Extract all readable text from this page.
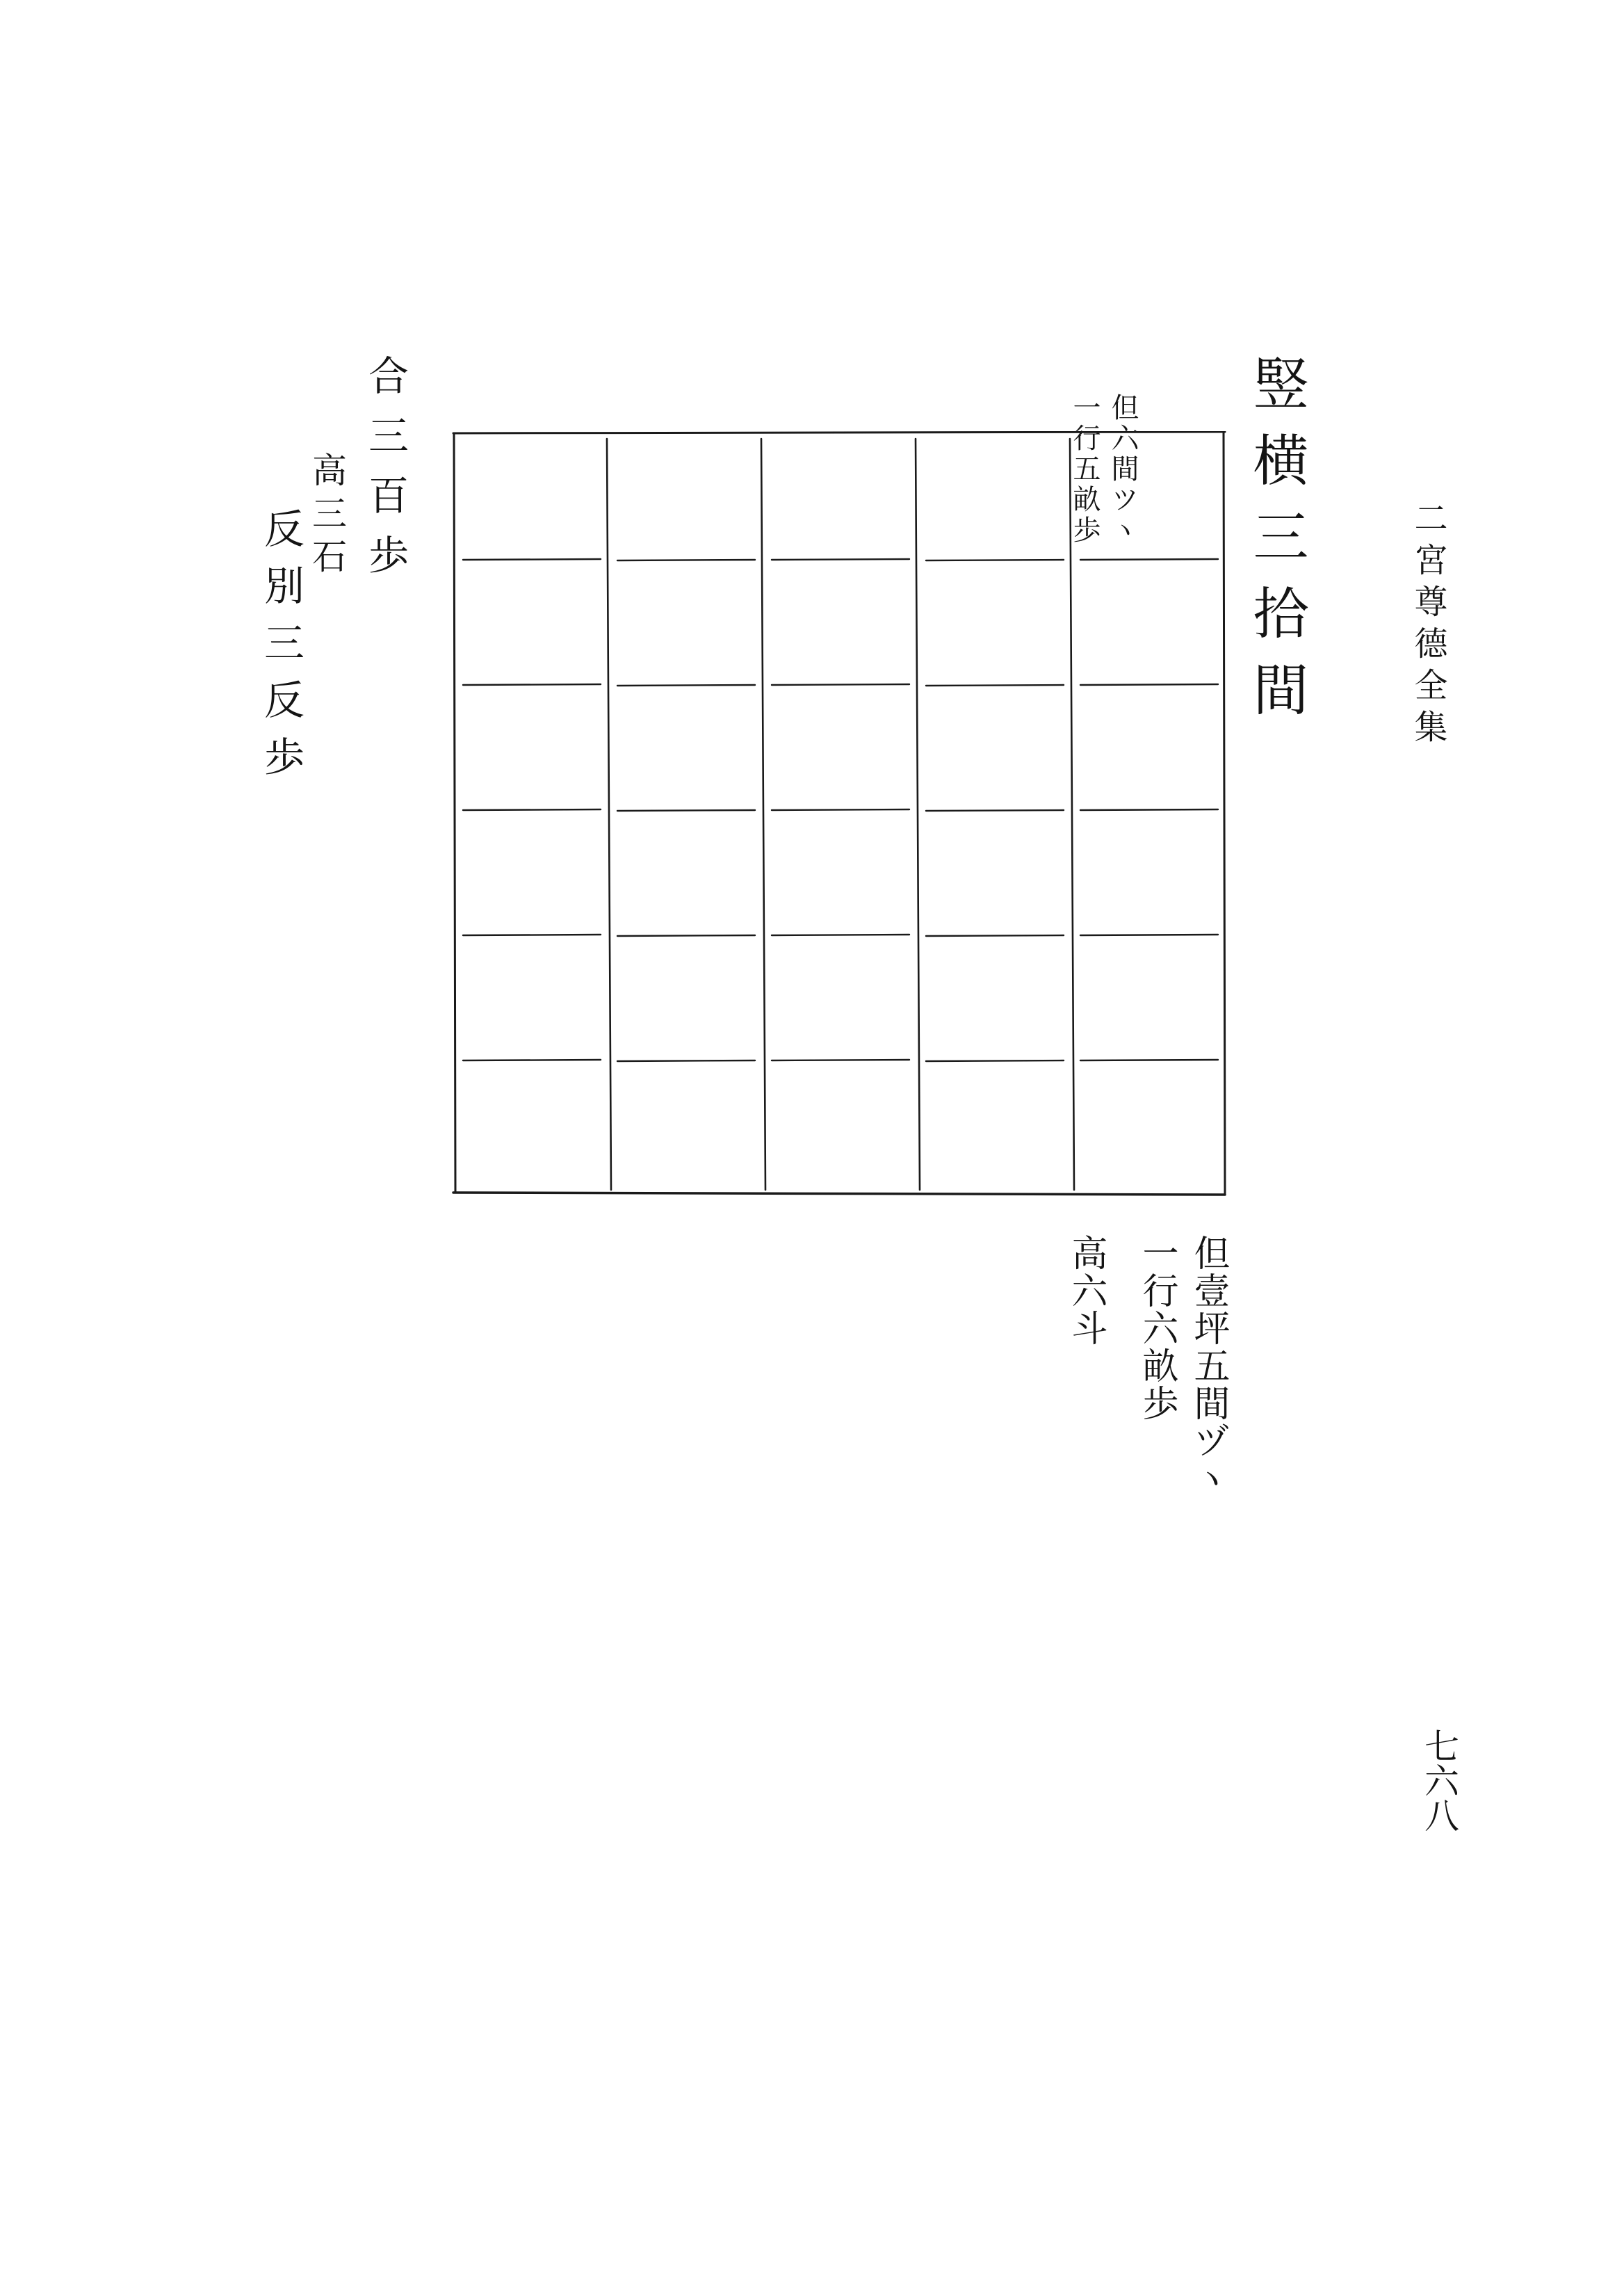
二宮尊德全集
七六八
竪横三拾間
但六間ツヽ
一行五畝歩
但壹坪五間ヅヽ
一行六畝歩
高六斗
合三百歩
高三石
反別三反歩
